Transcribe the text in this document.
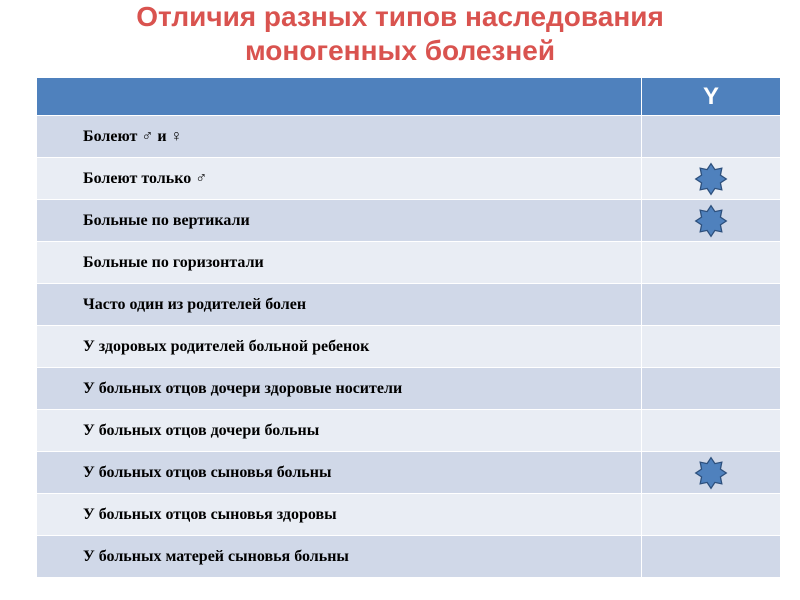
Отличия разных типов наследования
моногенных болезней
Y
Болеют ♂ и ♀
Болеют только ♂
Больные по вертикали
Больные по горизонтали
Часто один из родителей болен
У здоровых родителей больной ребенок
У больных отцов дочери здоровые носители
У больных отцов дочери больны
У больных отцов сыновья больны
У больных отцов сыновья здоровы
У больных матерей сыновья больны
